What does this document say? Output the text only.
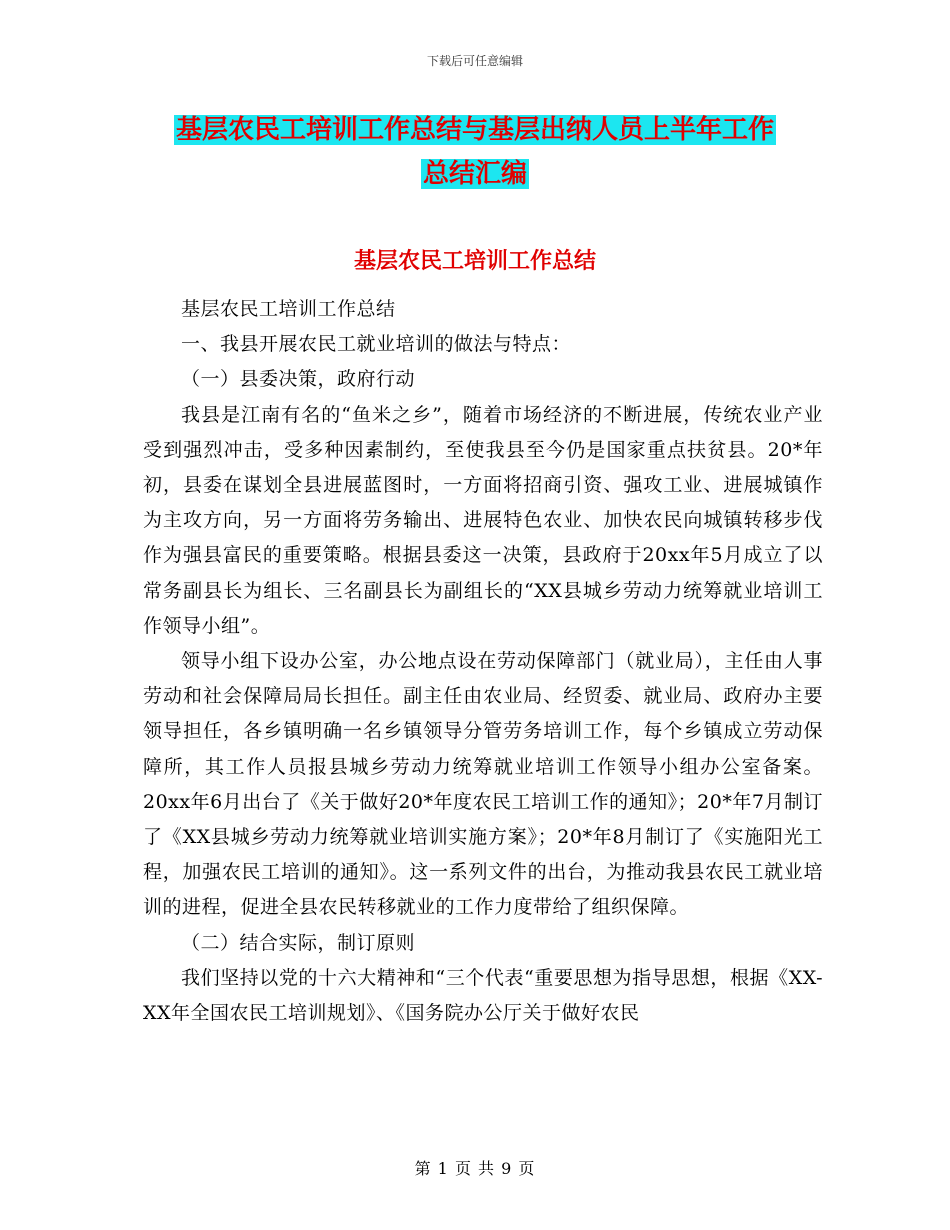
下载后可任意编辑
基层农民工培训工作总结与基层出纳人员上半年工作
总结汇编
基层农民工培训工作总结

基层农民工培训工作总结

一、我县开展农民工就业培训的做法与特点：

（一）县委决策，政府行动

我县是江南有名的“鱼米之乡”，随着市场经济的不断进展，传统农业产业受到强烈冲击，受多种因素制约，至使我县至今仍是国家重点扶贫县。20*年初，县委在谋划全县进展蓝图时，一方面将招商引资、强攻工业、进展城镇作为主攻方向，另一方面将劳务输出、进展特色农业、加快农民向城镇转移步伐作为强县富民的重要策略。根据县委这一决策，县政府于20xx年5月成立了以常务副县长为组长、三名副县长为副组长的“XX县城乡劳动力统筹就业培训工作领导小组”。

领导小组下设办公室，办公地点设在劳动保障部门（就业局），主任由人事劳动和社会保障局局长担任。副主任由农业局、经贸委、就业局、政府办主要领导担任，各乡镇明确一名乡镇领导分管劳务培训工作，每个乡镇成立劳动保障所，其工作人员报县城乡劳动力统筹就业培训工作领导小组办公室备案。20xx年6月出台了《关于做好20*年度农民工培训工作的通知》；20*年7月制订了《XX县城乡劳动力统筹就业培训实施方案》；20*年8月制订了《实施阳光工程，加强农民工培训的通知》。这一系列文件的出台，为推动我县农民工就业培训的进程，促进全县农民转移就业的工作力度带给了组织保障。

（二）结合实际，制订原则

我们坚持以党的十六大精神和“三个代表“重要思想为指导思想，根据《XX-XX年全国农民工培训规划》、《国务院办公厅关于做好农民

第 1 页 共 9 页
